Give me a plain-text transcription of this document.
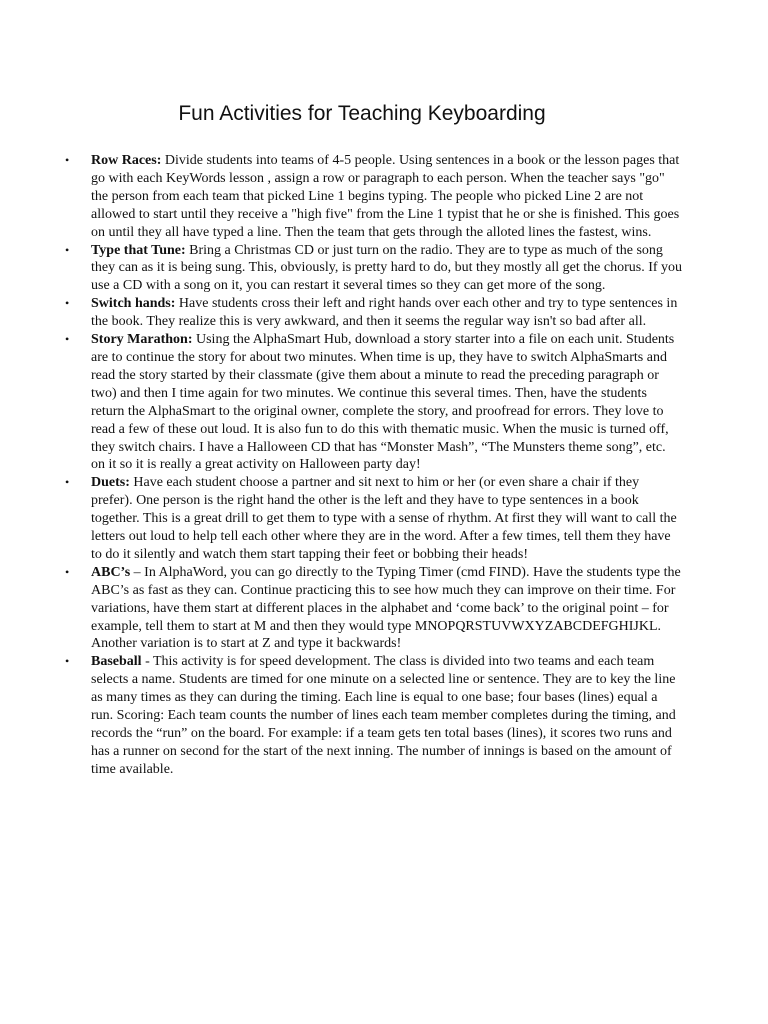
Fun Activities for Teaching Keyboarding
• Row Races: Divide students into teams of 4-5 people. Using sentences in a book or the lesson pages that go with each KeyWords lesson , assign a row or paragraph to each person. When the teacher says "go" the person from each team that picked Line 1 begins typing. The people who picked Line 2 are not allowed to start until they receive a "high five" from the Line 1 typist that he or she is finished. This goes on until they all have typed a line. Then the team that gets through the alloted lines the fastest, wins.
• Type that Tune: Bring a Christmas CD or just turn on the radio. They are to type as much of the song they can as it is being sung. This, obviously, is pretty hard to do, but they mostly all get the chorus. If you use a CD with a song on it, you can restart it several times so they can get more of the song.
• Switch hands: Have students cross their left and right hands over each other and try to type sentences in the book. They realize this is very awkward, and then it seems the regular way isn't so bad after all.
• Story Marathon: Using the AlphaSmart Hub, download a story starter into a file on each unit. Students are to continue the story for about two minutes. When time is up, they have to switch AlphaSmarts and read the story started by their classmate (give them about a minute to read the preceding paragraph or two) and then I time again for two minutes. We continue this several times. Then, have the students return the AlphaSmart to the original owner, complete the story, and proofread for errors. They love to read a few of these out loud. It is also fun to do this with thematic music. When the music is turned off, they switch chairs. I have a Halloween CD that has “Monster Mash”, “The Munsters theme song”, etc. on it so it is really a great activity on Halloween party day!
• Duets: Have each student choose a partner and sit next to him or her (or even share a chair if they prefer). One person is the right hand the other is the left and they have to type sentences in a book together. This is a great drill to get them to type with a sense of rhythm. At first they will want to call the letters out loud to help tell each other where they are in the word. After a few times, tell them they have to do it silently and watch them start tapping their feet or bobbing their heads!
• ABC’s – In AlphaWord, you can go directly to the Typing Timer (cmd FIND). Have the students type the ABC’s as fast as they can. Continue practicing this to see how much they can improve on their time. For variations, have them start at different places in the alphabet and ‘come back’ to the original point – for example, tell them to start at M and then they would type MNOPQRSTUVWXYZABCDEFGHIJKL. Another variation is to start at Z and type it backwards!
• Baseball - This activity is for speed development. The class is divided into two teams and each team selects a name. Students are timed for one minute on a selected line or sentence. They are to key the line as many times as they can during the timing. Each line is equal to one base; four bases (lines) equal a run. Scoring: Each team counts the number of lines each team member completes during the timing, and records the “run” on the board. For example: if a team gets ten total bases (lines), it scores two runs and has a runner on second for the start of the next inning. The number of innings is based on the amount of time available.
